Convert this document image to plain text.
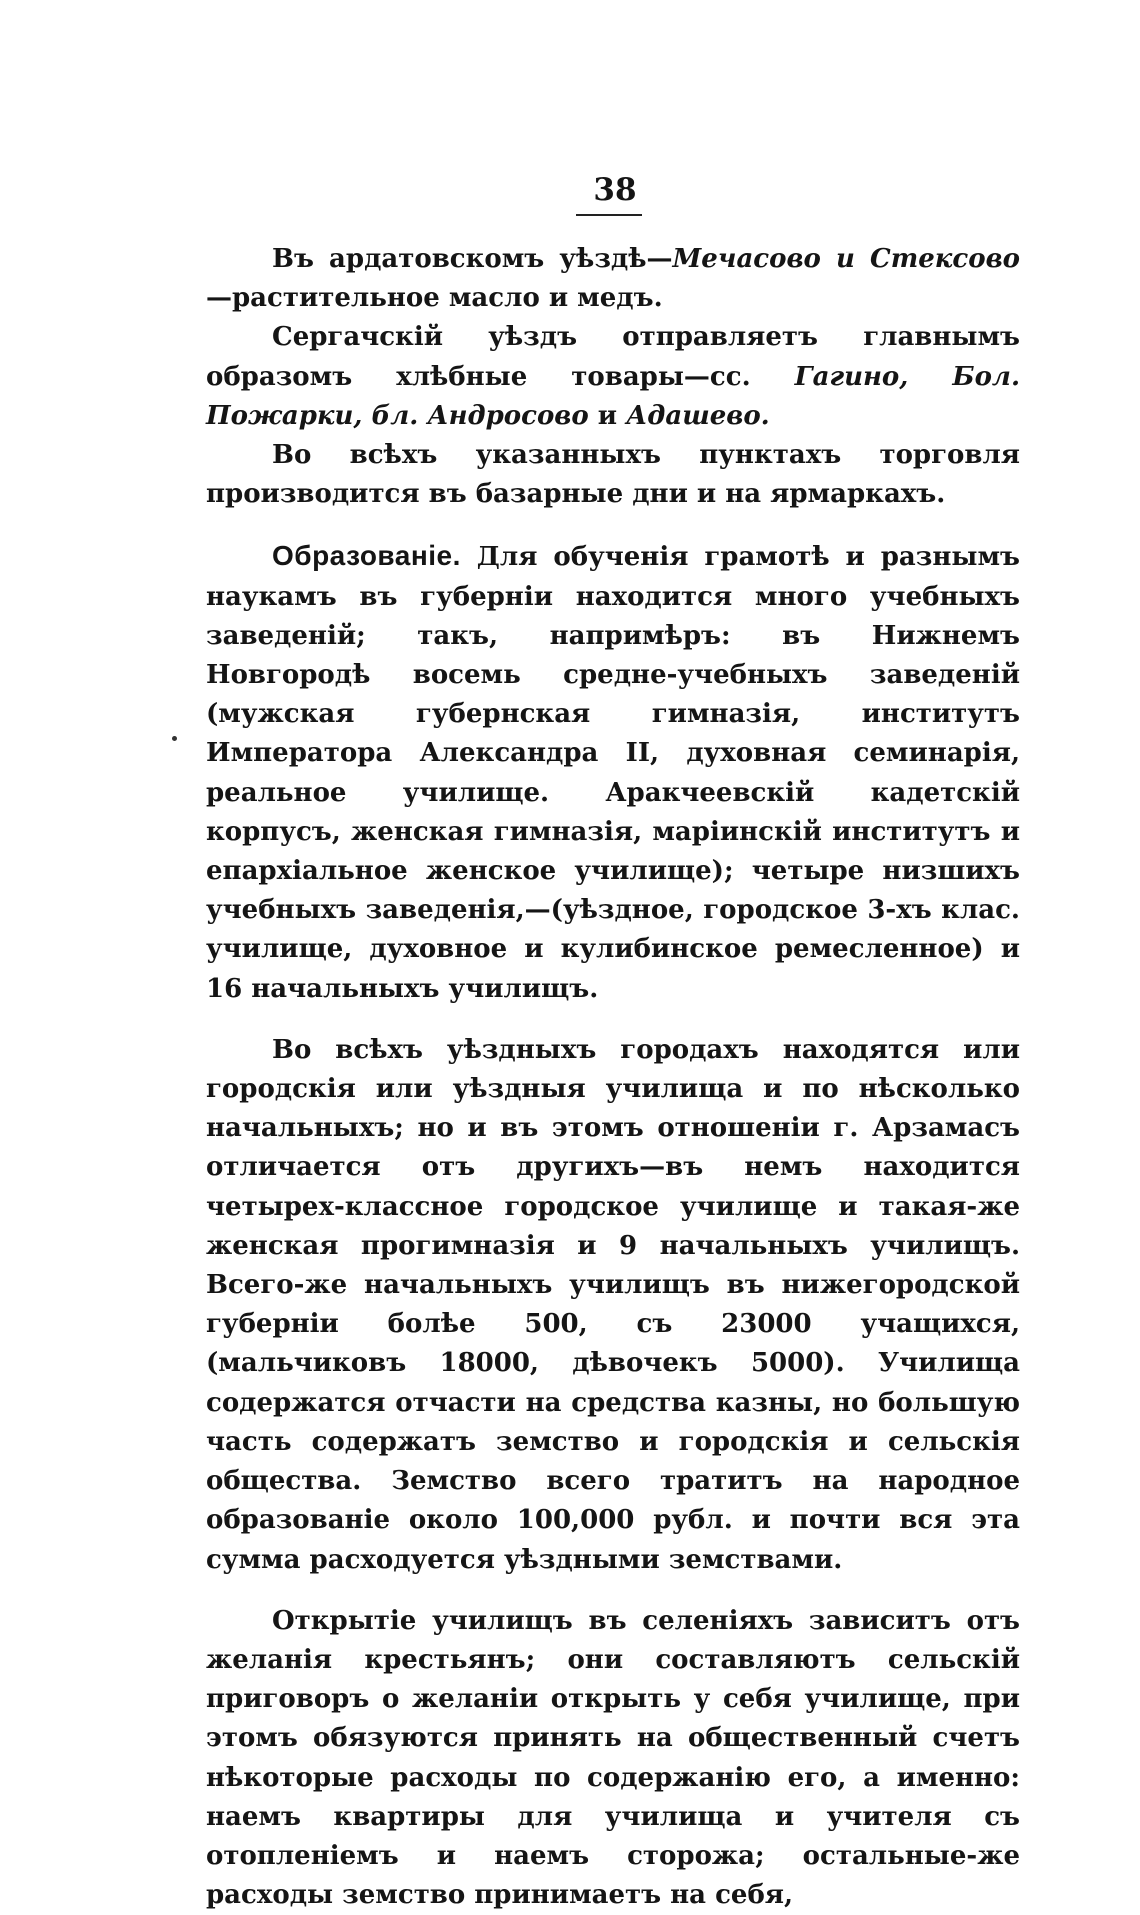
38

Въ ардатовскомъ уѣздѣ—Мечасово и Стексово—растительное масло и медъ.

Сергачскій уѣздъ отправляетъ главнымъ образомъ хлѣбные товары—сс. Гагино, Бол. Пожарки, бл. Андросово и Адашево.

Во всѣхъ указанныхъ пунктахъ торговля производится въ базарные дни и на ярмаркахъ.

Образованіе. Для обученія грамотѣ и разнымъ наукамъ въ губерніи находится много учебныхъ заведеній; такъ, напримѣръ: въ Нижнемъ Новгородѣ восемь средне-учебныхъ заведеній (мужская губернская гимназія, институтъ Императора Александра II, духовная семинарія, реальное училище. Аракчеевскій кадетскій корпусъ, женская гимназія, маріинскій институтъ и епархіальное женское училище); четыре низшихъ учебныхъ заведенія,—(уѣздное, городское 3-хъ клас. училище, духовное и кулибинское ремесленное) и 16 начальныхъ училищъ.

Во всѣхъ уѣздныхъ городахъ находятся или городскія или уѣздныя училища и по нѣсколько начальныхъ; но и въ этомъ отношеніи г. Арзамасъ отличается отъ другихъ—въ немъ находится четырех-классное городское училище и такая-же женская прогимназія и 9 начальныхъ училищъ. Всего-же начальныхъ училищъ въ нижегородской губерніи болѣе 500, съ 23000 учащихся, (мальчиковъ 18000, дѣвочекъ 5000). Училища содержатся отчасти на средства казны, но большую часть содержатъ земство и городскія и сельскія общества. Земство всего тратитъ на народное образованіе около 100,000 рубл. и почти вся эта сумма расходуется уѣздными земствами.

Открытіе училищъ въ селеніяхъ зависитъ отъ желанія крестьянъ; они составляютъ сельскій приговоръ о желаніи открыть у себя училище, при этомъ обязуются принять на общественный счетъ нѣкоторые расходы по содержанію его, а именно: наемъ квартиры для училища и учителя съ отопленіемъ и наемъ сторожа; остальные-же расходы земство принимаетъ на себя,
